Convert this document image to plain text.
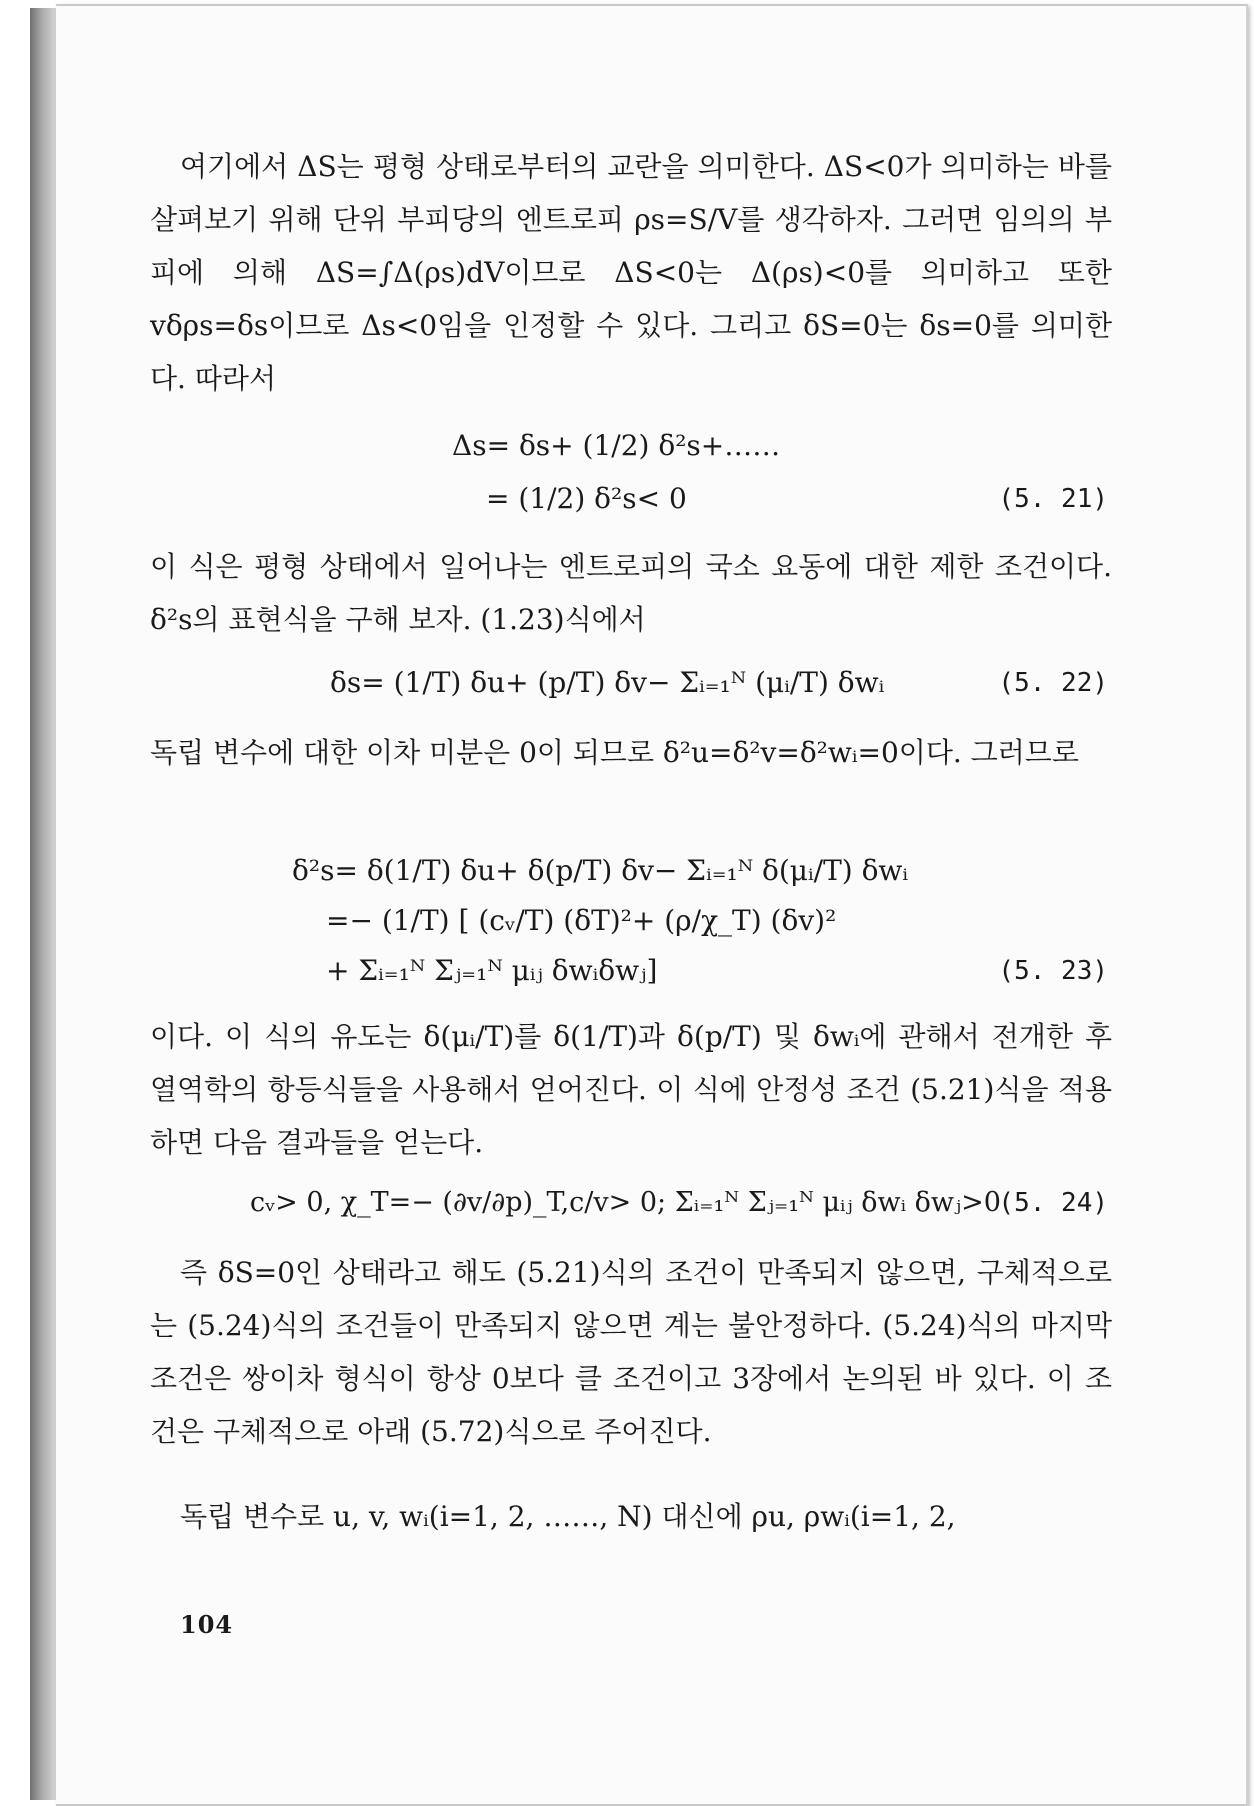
여기에서 ΔS는 평형 상태로부터의 교란을 의미한다. ΔS<0가 의미하는 바를 살펴보기 위해 단위 부피당의 엔트로피 ρs=S/V를 생각하자. 그러면 임의의 부피에 의해 ΔS=∫Δ(ρs)dV이므로 ΔS<0는 Δ(ρs)<0를 의미하고 또한 vδρs=δs이므로 Δs<0임을 인정할 수 있다. 그리고 δS=0는 δs=0를 의미한다. 따라서

Δs= δs+ (1/2) δ²s+……
= (1/2) δ²s< 0	(5. 21)

이 식은 평형 상태에서 일어나는 엔트로피의 국소 요동에 대한 제한 조건이다. δ²s의 표현식을 구해 보자. (1.23)식에서

δs= (1/T) δu+ (p/T) δv− Σᵢ₌₁ᴺ (μᵢ/T) δwᵢ	(5. 22)

독립 변수에 대한 이차 미분은 0이 되므로 δ²u=δ²v=δ²wᵢ=0이다. 그러므로

δ²s= δ(1/T) δu+ δ(p/T) δv− Σᵢ₌₁ᴺ δ(μᵢ/T) δwᵢ
=− (1/T) [ (cᵥ/T) (δT)²+ (ρ/χ_T) (δv)²
+ Σᵢ₌₁ᴺ Σⱼ₌₁ᴺ μᵢⱼ δwᵢδwⱼ]	(5. 23)

이다. 이 식의 유도는 δ(μᵢ/T)를 δ(1/T)과 δ(p/T) 및 δwᵢ에 관해서 전개한 후 열역학의 항등식들을 사용해서 얻어진다. 이 식에 안정성 조건 (5.21)식을 적용하면 다음 결과들을 얻는다.

cᵥ> 0, χ_T=− (∂v/∂p)_T,c/v> 0; Σᵢ₌₁ᴺ Σⱼ₌₁ᴺ μᵢⱼ δwᵢ δwⱼ>0
(5. 24)

즉 δS=0인 상태라고 해도 (5.21)식의 조건이 만족되지 않으면, 구체적으로는 (5.24)식의 조건들이 만족되지 않으면 계는 불안정하다. (5.24)식의 마지막 조건은 쌍이차 형식이 항상 0보다 클 조건이고 3장에서 논의된 바 있다. 이 조건은 구체적으로 아래 (5.72)식으로 주어진다.

독립 변수로 u, v, wᵢ(i=1, 2, ……, N) 대신에 ρu, ρwᵢ(i=1, 2,

104
